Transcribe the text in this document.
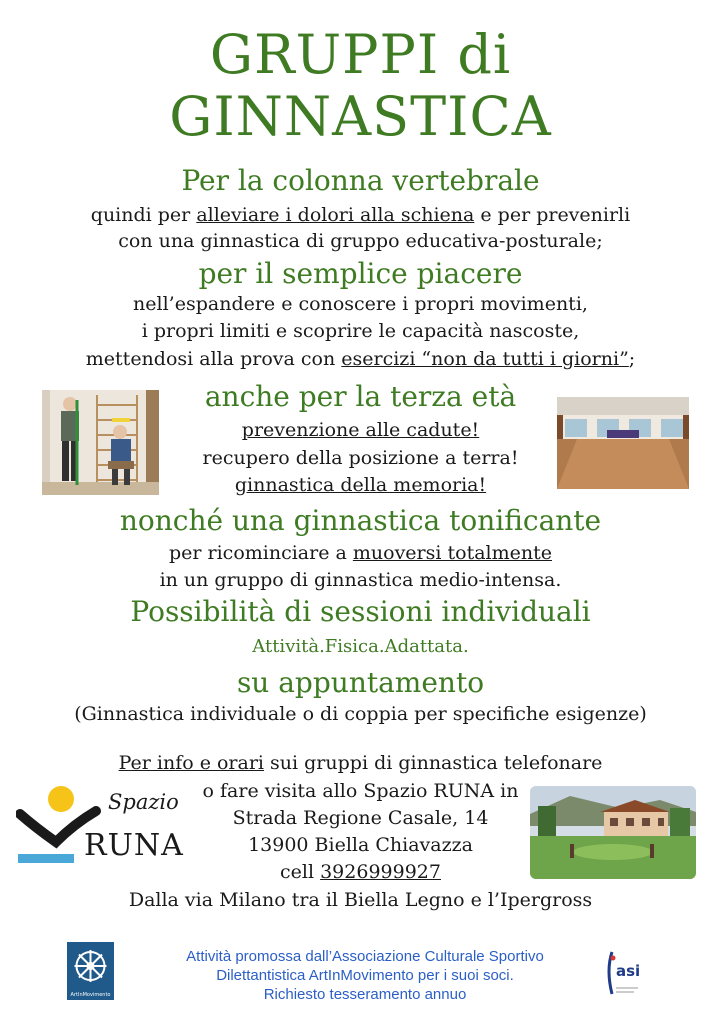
GRUPPI di
GINNASTICA
Per la colonna vertebrale
quindi per alleviare i dolori alla schiena e per prevenirli
con una ginnastica di gruppo educativa-posturale;
per il semplice piacere
nell’espandere e conoscere i propri movimenti,
i propri limiti e scoprire le capacità nascoste,
mettendosi alla prova con esercizi “non da tutti i giorni”;
anche per la terza età
prevenzione alle cadute!
recupero della posizione a terra!
ginnastica della memoria!
nonché una ginnastica tonificante
per ricominciare a muoversi totalmente
in un gruppo di ginnastica medio-intensa.
Possibilità di sessioni individuali
Attività.Fisica.Adattata.
su appuntamento
(Ginnastica individuale o di coppia per specifiche esigenze)
Per info e orari sui gruppi di ginnastica telefonare
o fare visita allo Spazio RUNA in
Strada Regione Casale, 14
13900 Biella Chiavazza
cell 3926999927
Dalla via Milano tra il Biella Legno e l’Ipergross
Spazio
RUNA
Attività promossa dall’Associazione Culturale Sportivo
Dilettantistica ArtInMovimento per i suoi soci.
Richiesto tesseramento annuo
ArtInMovimento
asi
